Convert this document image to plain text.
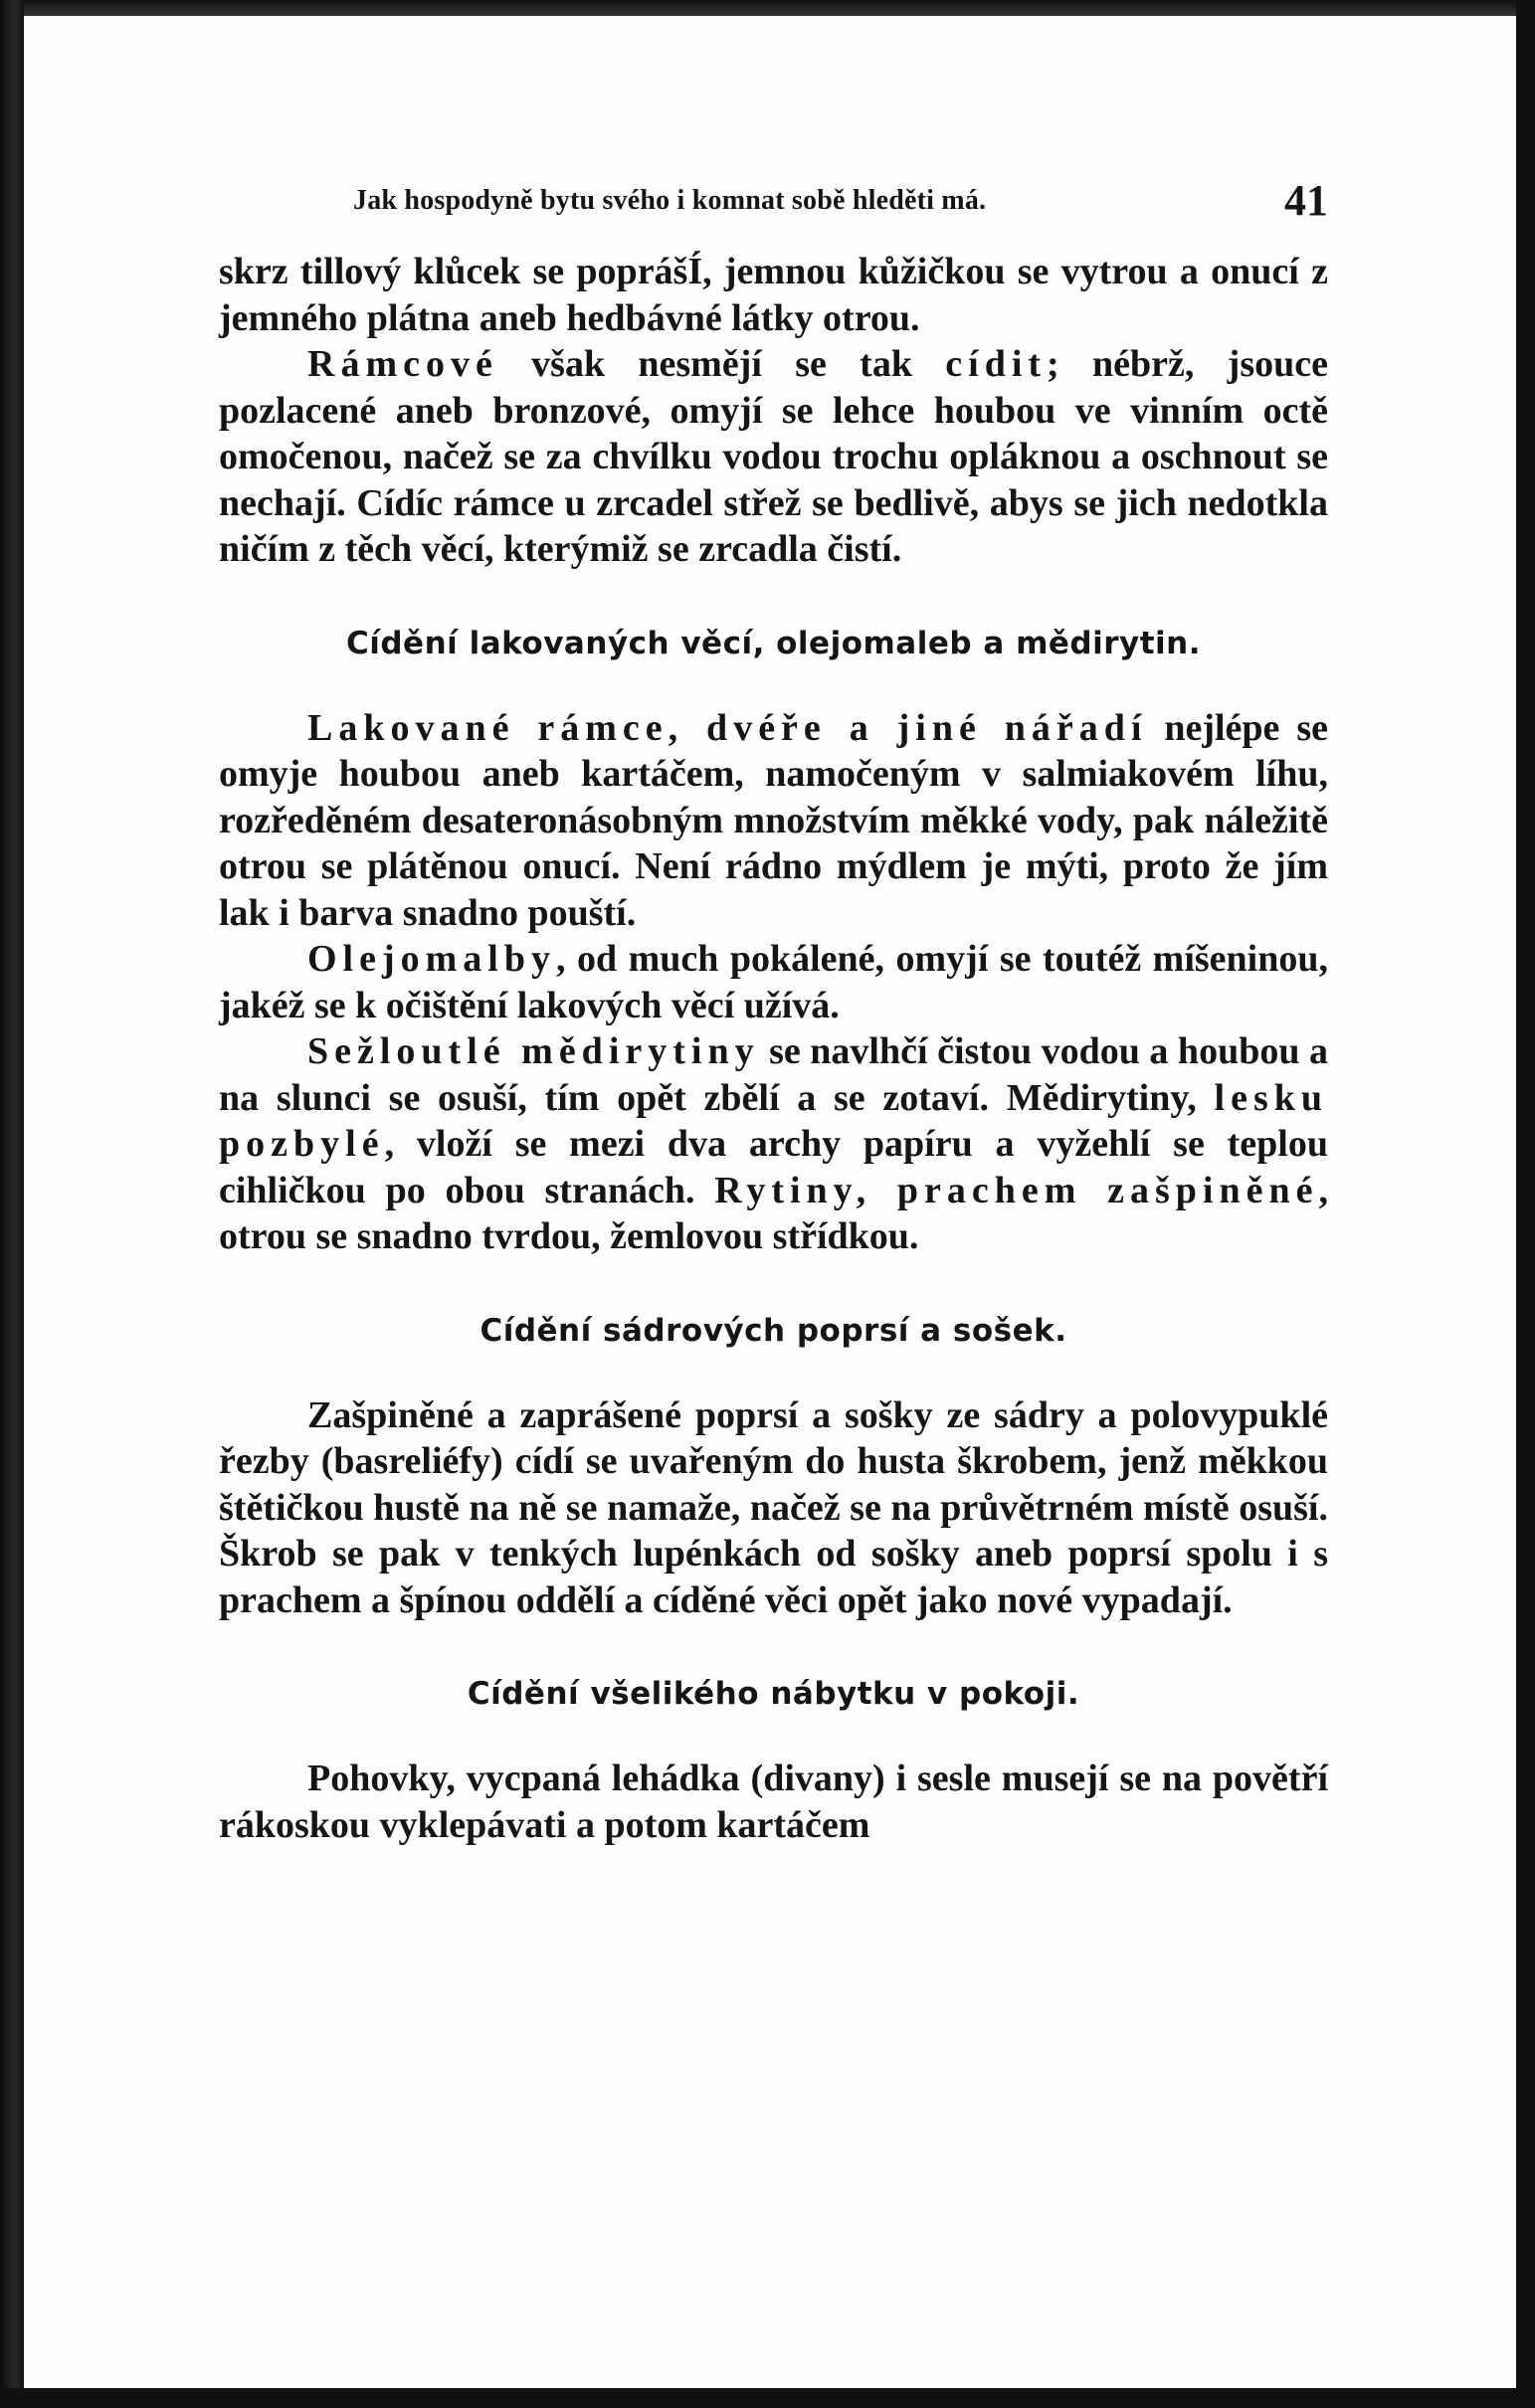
Jak hospodyně bytu svého i komnat sobě hleděti má.	41

skrz tillový klůcek se poprášÍ, jemnou kůžičkou se vytrou a onucí z jemného plátna aneb hedbávné látky otrou.

Rámcové však nesmějí se tak cídit; nébrž, jsouce pozlacené aneb bronzové, omyjí se lehce houbou ve vinním octě omočenou, načež se za chvílku vodou trochu opláknou a oschnout se nechají. Cídíc rámce u zrcadel střež se bedlivě, abys se jich nedotkla ničím z těch věcí, kterýmiž se zrcadla čistí.

Cídění lakovaných věcí, olejomaleb a mědirytin.

Lakované rámce, dvéře a jiné nářadí nejlépe se omyje houbou aneb kartáčem, namočeným v salmiakovém líhu, rozředěném desateronásobným množstvím měkké vody, pak náležitě otrou se plátěnou onucí. Není rádno mýdlem je mýti, proto že jím lak i barva snadno pouští.

Olejomalby, od much pokálené, omyjí se toutéž míšeninou, jakéž se k očištění lakových věcí užívá.

Sežloutlé mědirytiny se navlhčí čistou vodou a houbou a na slunci se osuší, tím opět zbělí a se zotaví. Mědirytiny, lesku pozbylé, vloží se mezi dva archy papíru a vyžehlí se teplou cihličkou po obou stranách. Rytiny, prachem zašpiněné, otrou se snadno tvrdou, žemlovou střídkou.

Cídění sádrových poprsí a sošek.

Zašpiněné a zaprášené poprsí a sošky ze sádry a polovypuklé řezby (basreliéfy) cídí se uvařeným do husta škrobem, jenž měkkou štětičkou hustě na ně se namaže, načež se na průvětrném místě osuší. Škrob se pak v tenkých lupénkách od sošky aneb poprsí spolu i s prachem a špínou oddělí a cíděné věci opět jako nové vypadají.

Cídění všelikého nábytku v pokoji.

Pohovky, vycpaná lehádka (divany) i sesle musejí se na povětří rákoskou vyklepávati a potom kartáčem
